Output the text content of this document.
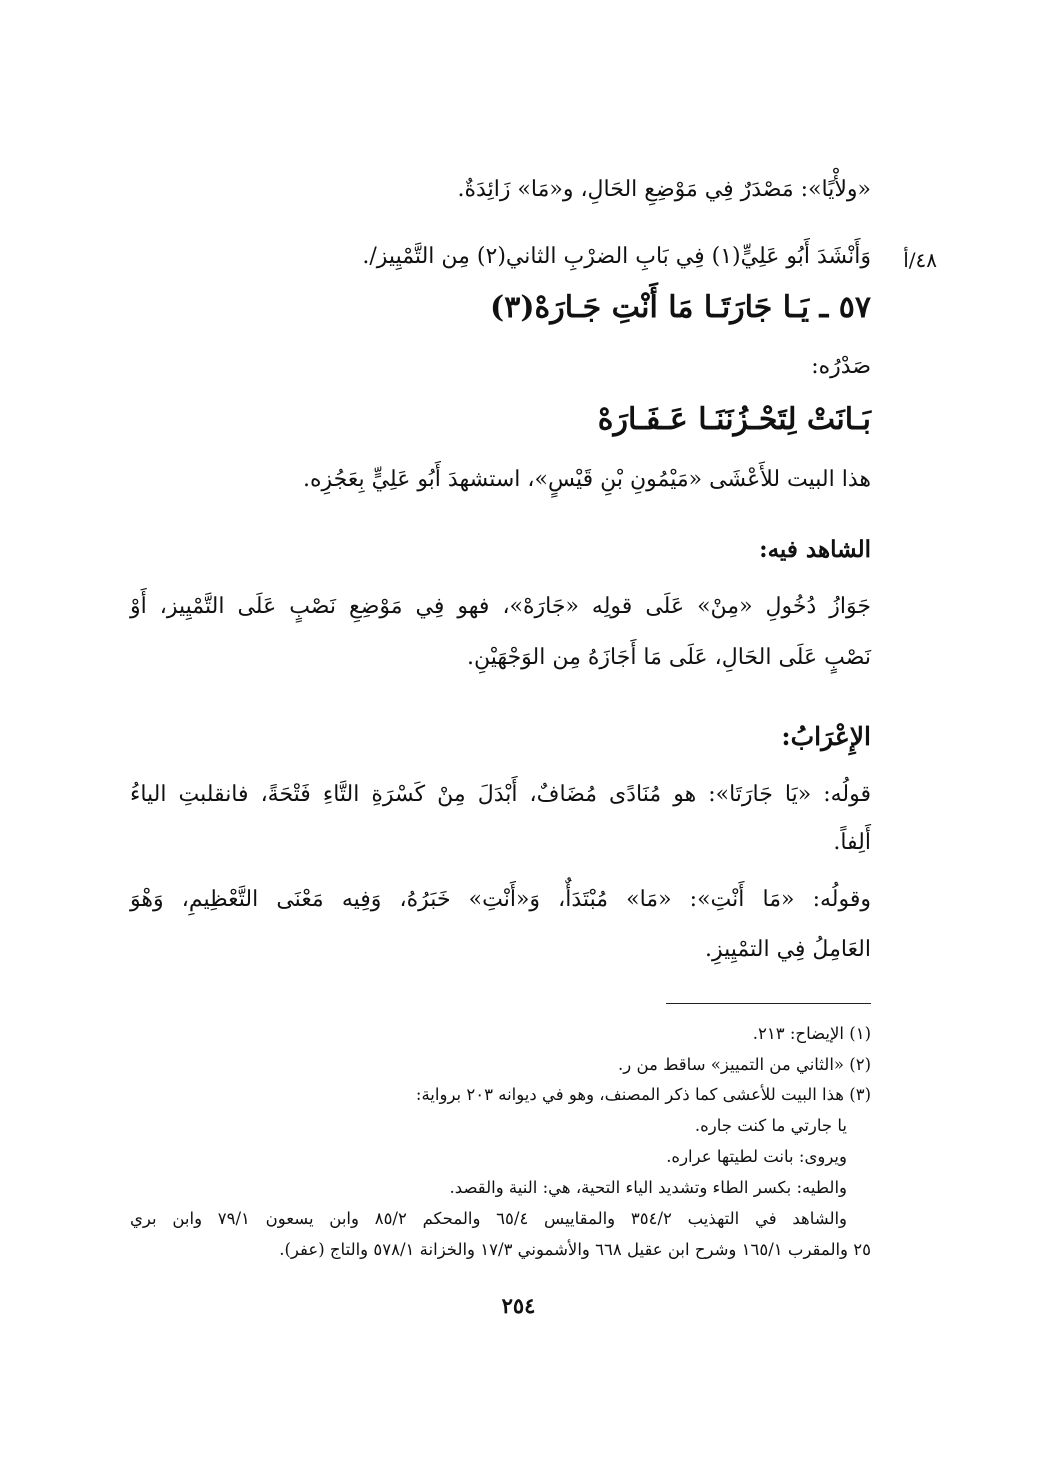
٤٨/أ
«ولأْيًا»: مَصْدَرٌ فِي مَوْضِعِ الحَالِ، و«مَا» زَائِدَةٌ.
وَأَنْشَدَ أَبُو عَلِيٍّ(١) فِي بَابِ الضرْبِ الثاني(٢) مِن التَّمْيِيز/.
٥٧ ـ يَـا جَارَتَـا مَا أَنْتِ جَـارَهْ(٣)
صَدْرُه:
بَـانَتْ لِتَحْـزُنَنَـا عَـفَـارَهْ
هذا البيت للأَعْشَى «مَيْمُونِ بْنِ قَيْسٍ»، استشهدَ أَبُو عَلِيٍّ بِعَجُزِه.
الشاهد فيه:
جَوَازُ دُخُولِ «مِنْ» عَلَى قولِه «جَارَهْ»، فهو فِي مَوْضِعِ نَصْبٍ عَلَى التَّمْيِيز، أَوْ
نَصْبٍ عَلَى الحَالِ، عَلَى مَا أَجَازَهُ مِن الوَجْهَيْنِ.
الإِعْرَابُ:
قولُه: «يَا جَارَتَا»: هو مُنَادًى مُضَافٌ، أَبْدَلَ مِنْ كَسْرَةِ التَّاءِ فَتْحَةً، فانقلبتِ الياءُ
أَلِفاً.
وقولُه: «مَا أَنْتِ»: «مَا» مُبْتَدَأٌ، وَ«أَنْتِ» خَبَرُهُ، وَفِيه مَعْنَى التَّعْظِيمِ، وَهْوَ
العَامِلُ فِي التمْيِيزِ.
(١) الإيضاح: ٢١٣.
(٢) «الثاني من التمييز» ساقط من ر.
(٣) هذا البيت للأعشى كما ذكر المصنف، وهو في ديوانه ٢٠٣ برواية:
يا جارتي ما كنت جاره.
ويروى: بانت لطيتها عراره.
والطيه: بكسر الطاء وتشديد الياء التحية، هي: النية والقصد.
والشاهد في التهذيب ٣٥٤/٢ والمقاييس ٦٥/٤ والمحكم ٨٥/٢ وابن يسعون ٧٩/١ وابن بري
٢٥ والمقرب ١٦٥/١ وشرح ابن عقيل ٦٦٨ والأشموني ١٧/٣ والخزانة ٥٧٨/١ والتاج (عفر).
٢٥٤
